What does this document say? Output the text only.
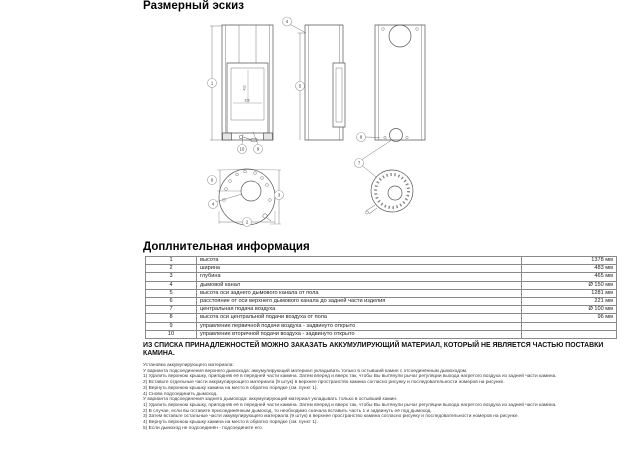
Размерный эскиз
326
412
1
4
5
10	9
8
7
6
4
3
2
Доплнительная информация
1	высота	1378 мм
2	ширина	483 мм
3	глубина	465 мм
4	дымовой канал	Ø 150 мм
5	высота оси заднего дымового канала от пола	1281 мм
6	расстояние от оси верхнего дымового канала до задней части изделия	221 мм
7	центральная подача воздуха	Ø 100 мм
8	высота оси центральной подачи воздуха от пола	96 мм
9	управление первичной подачи воздуха - задвинуто открыто	
10	управление вторичной подачи воздуха - задвинуто открыто	
ИЗ СПИСКА ПРИНАДЛЕЖНОСТЕЙ МОЖНО ЗАКАЗАТЬ АККУМУЛИРУЮЩИЙ МАТЕРИАЛ, КОТОРЫЙ НЕ ЯВЛЯЕТСЯ ЧАСТЬЮ ПОСТАВКИ КАМИНА.
Установка аккумулирующего материала:
У варианта подсоединения верхнего дымохода: аккумулирующий материал укладывать только в остывший камин с отсоединённым дымоходом.
1) Удалить верхнюю крышку, приподняв её в передней части камина. Затем вперед и вверх так, чтобы Вы вытянули рычаг регуляции выхода нагретого воздуха из задней части камина.
2) Вставьте отдельные части аккумулирующего материала (9 штук) в верхнее пространство камина согласно рисунку и последовательности номеров на рисунке.
3) Вернуть верхнюю крышку камина на место в обратно порядке (см. пункт 1).
4) Снова подсоединить дымоход.
У варианта подсоединения заднего дымохода: аккумулирующий материал укладывать только в остывший камин.
1) Удалить верхнюю крышку, приподняв её в передней части камина. Затем вперед и вверх так, чтобы Вы вытянули рычаг регуляции выхода нагретого воздуха из задней части камина.
2) В случае, если вы оставите присоединённым дымоход, то необходимо сначала вставить часть 1 и задвинуть её под дымоход.
3) Затем вставьте остальные части аккумулирующего материала (9 штук) в верхнее пространство камина согласно рисунку и последовательности номеров на рисунке.
4) Вернуть верхнюю крышку камина на место в обратно порядке (см. пункт 1).
5) Если дымоход не подсоединён - подсоедините его.
